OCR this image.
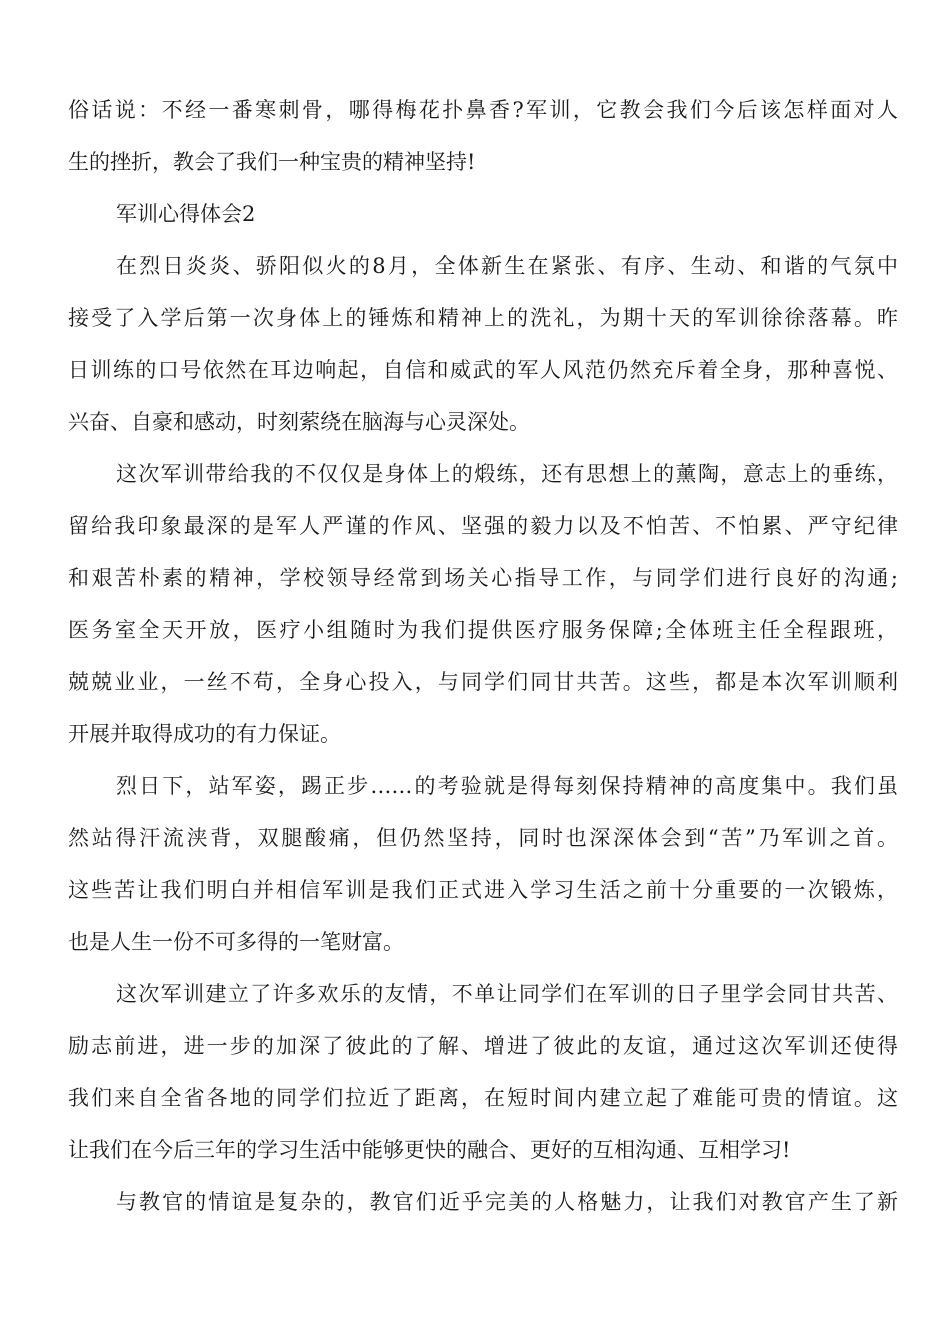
俗话说：不经一番寒刺骨，哪得梅花扑鼻香?军训，它教会我们今后该怎样面对人
生的挫折，教会了我们一种宝贵的精神坚持!
军训心得体会2
在烈日炎炎、骄阳似火的8月，全体新生在紧张、有序、生动、和谐的气氛中
接受了入学后第一次身体上的锤炼和精神上的洗礼，为期十天的军训徐徐落幕。昨
日训练的口号依然在耳边响起，自信和威武的军人风范仍然充斥着全身，那种喜悦、
兴奋、自豪和感动，时刻萦绕在脑海与心灵深处。
这次军训带给我的不仅仅是身体上的煅练，还有思想上的薰陶，意志上的垂练，
留给我印象最深的是军人严谨的作风、坚强的毅力以及不怕苦、不怕累、严守纪律
和艰苦朴素的精神，学校领导经常到场关心指导工作，与同学们进行良好的沟通;
医务室全天开放，医疗小组随时为我们提供医疗服务保障;全体班主任全程跟班，
兢兢业业，一丝不苟，全身心投入，与同学们同甘共苦。这些，都是本次军训顺利
开展并取得成功的有力保证。
烈日下，站军姿，踢正步……的考验就是得每刻保持精神的高度集中。我们虽
然站得汗流浃背，双腿酸痛，但仍然坚持，同时也深深体会到“苦”乃军训之首。
这些苦让我们明白并相信军训是我们正式进入学习生活之前十分重要的一次锻炼，
也是人生一份不可多得的一笔财富。
这次军训建立了许多欢乐的友情，不单让同学们在军训的日子里学会同甘共苦、
励志前进，进一步的加深了彼此的了解、增进了彼此的友谊，通过这次军训还使得
我们来自全省各地的同学们拉近了距离，在短时间内建立起了难能可贵的情谊。这
让我们在今后三年的学习生活中能够更快的融合、更好的互相沟通、互相学习!
与教官的情谊是复杂的，教官们近乎完美的人格魅力，让我们对教官产生了新
